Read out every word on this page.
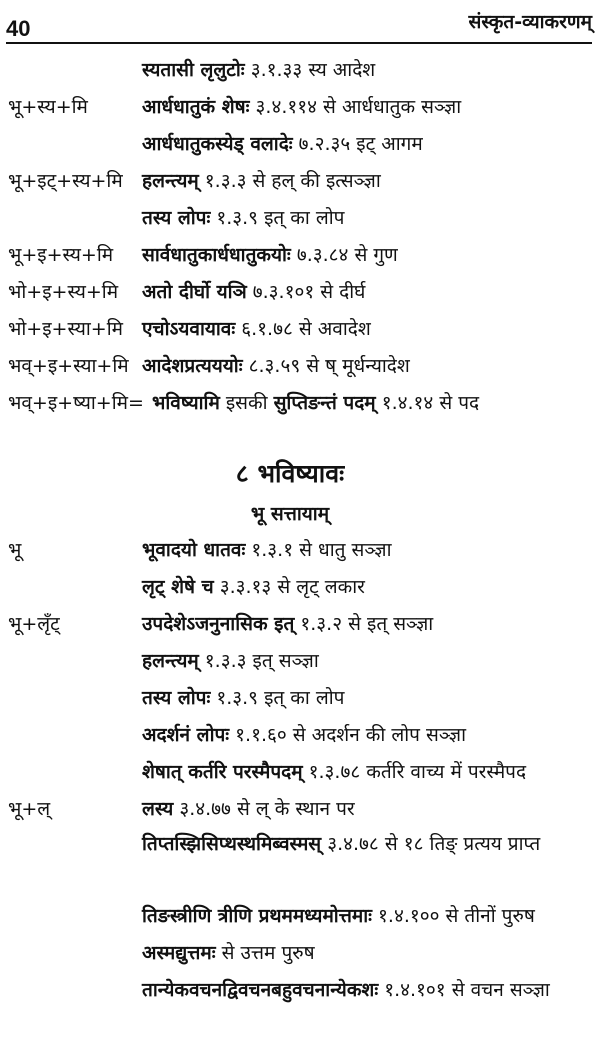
40	संस्कृत-व्याकरणम्
स्यतासी लृलुटोः ३.१.३३ स्य आदेश
भू+स्य+मि	आर्धधातुकं शेषः ३.४.११४ से आर्धधातुक सञ्ज्ञा
आर्धधातुकस्येड् वलादेः ७.२.३५ इट् आगम
भू+इट्+स्य+मि हलन्त्यम् १.३.३ से हल् की इत्सञ्ज्ञा
तस्य लोपः १.३.९ इत् का लोप
भू+इ+स्य+मि सार्वधातुकार्धधातुकयोः ७.३.८४ से गुण
भो+इ+स्य+मि अतो दीर्घो यञि ७.३.१०१ से दीर्घ
भो+इ+स्या+मि एचोऽयवायावः ६.१.७८ से अवादेश
भव्+इ+स्या+मि आदेशप्रत्यययोः ८.३.५९ से ष् मूर्धन्यादेश
भव्+इ+ष्या+मि= भविष्यामि इसकी सुप्तिङन्तं पदम् १.४.१४ से पद
८ भविष्यावः
भू सत्तायाम्
भू	भूवादयो धातवः १.३.१ से धातु सञ्ज्ञा
लृट् शेषे च ३.३.१३ से लृट् लकार
भू+लृँट्	उपदेशेऽजनुनासिक इत् १.३.२ से इत् सञ्ज्ञा
हलन्त्यम् १.३.३ इत् सञ्ज्ञा
तस्य लोपः १.३.९ इत् का लोप
अदर्शनं लोपः १.१.६० से अदर्शन की लोप सञ्ज्ञा
शेषात् कर्तरि परस्मैपदम् १.३.७८ कर्तरि वाच्य में परस्मैपद
भू+ल्	लस्य ३.४.७७ से ल् के स्थान पर
तिप्तस्झिसिप्थस्थमिब्वस्मस् ३.४.७८ से १८ तिङ् प्रत्यय प्राप्त
तिङस्त्रीणि त्रीणि प्रथममध्यमोत्तमाः १.४.१०० से तीनों पुरुष
अस्मद्युत्तमः से उत्तम पुरुष
तान्येकवचनद्विवचनबहुवचनान्येकशः १.४.१०१ से वचन सञ्ज्ञा
